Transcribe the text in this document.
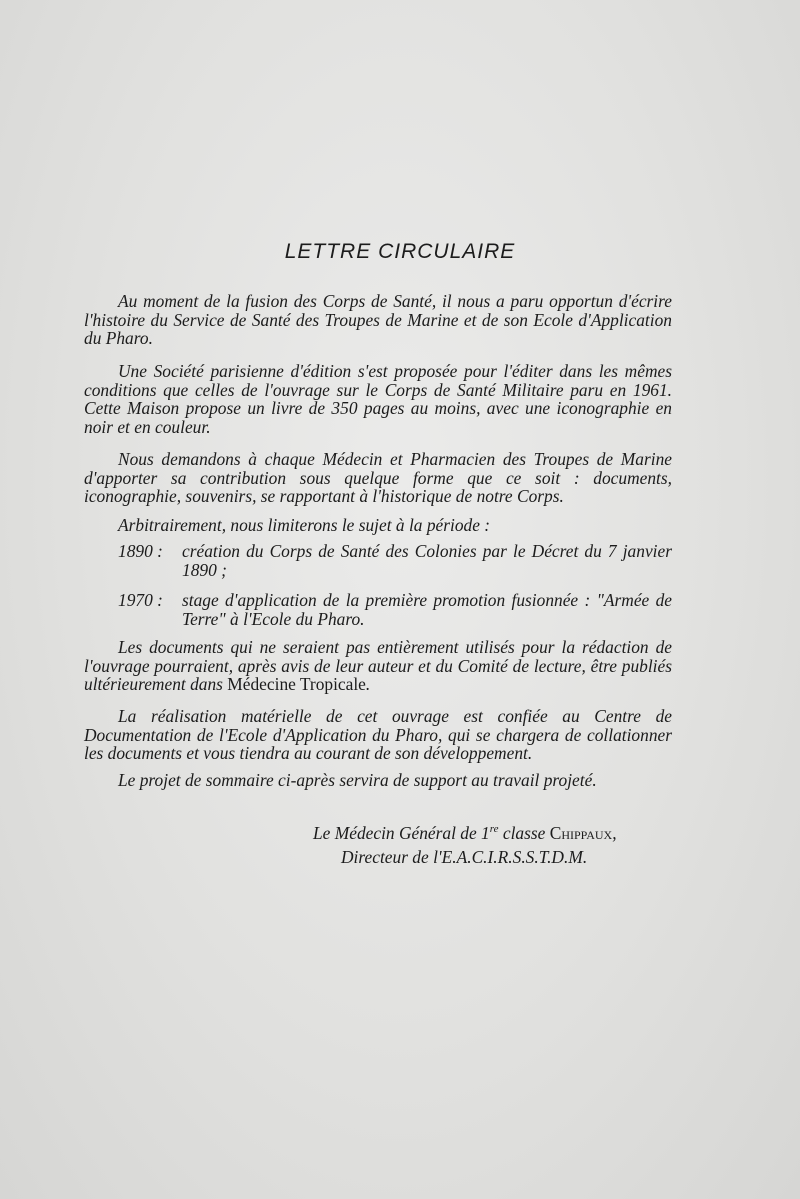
LETTRE CIRCULAIRE

Au moment de la fusion des Corps de Santé, il nous a paru opportun d'écrire l'histoire du Service de Santé des Troupes de Marine et de son Ecole d'Application du Pharo.

Une Société parisienne d'édition s'est proposée pour l'éditer dans les mêmes conditions que celles de l'ouvrage sur le Corps de Santé Militaire paru en 1961. Cette Maison propose un livre de 350 pages au moins, avec une iconographie en noir et en couleur.

Nous demandons à chaque Médecin et Pharmacien des Troupes de Marine d'apporter sa contribution sous quelque forme que ce soit : documents, iconographie, souvenirs, se rapportant à l'historique de notre Corps.

Arbitrairement, nous limiterons le sujet à la période :

1890 : création du Corps de Santé des Colonies par le Décret du 7 janvier 1890 ;
1970 : stage d'application de la première promotion fusionnée : "Armée de Terre" à l'Ecole du Pharo.

Les documents qui ne seraient pas entièrement utilisés pour la rédaction de l'ouvrage pourraient, après avis de leur auteur et du Comité de lecture, être publiés ultérieurement dans Médecine Tropicale.

La réalisation matérielle de cet ouvrage est confiée au Centre de Documentation de l'Ecole d'Application du Pharo, qui se chargera de collationner les documents et vous tiendra au courant de son développement.

Le projet de sommaire ci-après servira de support au travail projeté.

Le Médecin Général de 1re classe Chippaux,

Directeur de l'E.A.C.I.R.S.S.T.D.M.
